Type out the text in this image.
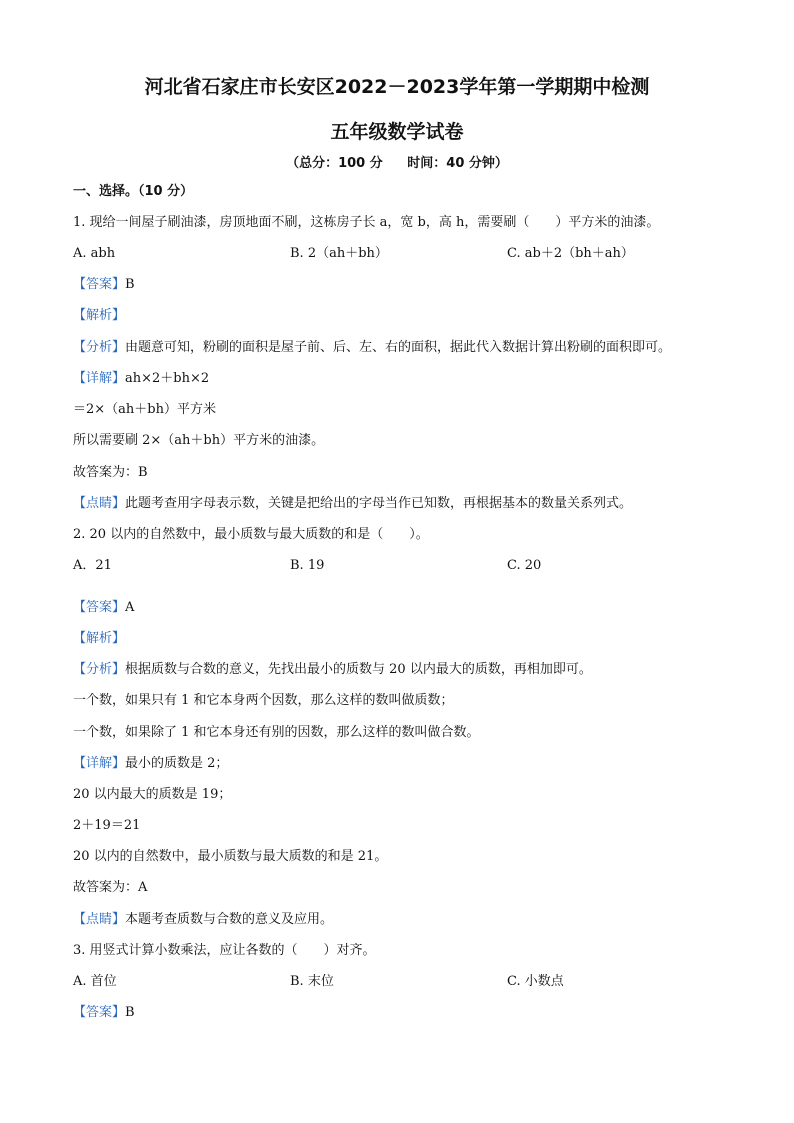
河北省石家庄市长安区2022－2023学年第一学期期中检测
五年级数学试卷
（总分：100 分 时间：40 分钟）
一、选择。（10 分）
1. 现给一间屋子刷油漆，房顶地面不刷，这栋房子长 a，宽 b，高 h，需要刷（　　）平方米的油漆。
A. abh	B. 2（ah＋bh）	C. ab＋2（bh＋ah）
【答案】B
【解析】
【分析】由题意可知，粉刷的面积是屋子前、后、左、右的面积，据此代入数据计算出粉刷的面积即可。
【详解】ah×2＋bh×2
＝2×（ah＋bh）平方米
所以需要刷 2×（ah＋bh）平方米的油漆。
故答案为：B
【点睛】此题考查用字母表示数，关键是把给出的字母当作已知数，再根据基本的数量关系列式。
2. 20 以内的自然数中，最小质数与最大质数的和是（　　）。
A．21	B. 19	C. 20
【答案】A
【解析】
【分析】根据质数与合数的意义，先找出最小的质数与 20 以内最大的质数，再相加即可。
一个数，如果只有 1 和它本身两个因数，那么这样的数叫做质数；
一个数，如果除了 1 和它本身还有别的因数，那么这样的数叫做合数。
【详解】最小的质数是 2；
20 以内最大的质数是 19；
2＋19＝21
20 以内的自然数中，最小质数与最大质数的和是 21。
故答案为：A
【点睛】本题考查质数与合数的意义及应用。
3. 用竖式计算小数乘法，应让各数的（　　）对齐。
A. 首位	B. 末位	C. 小数点
【答案】B
